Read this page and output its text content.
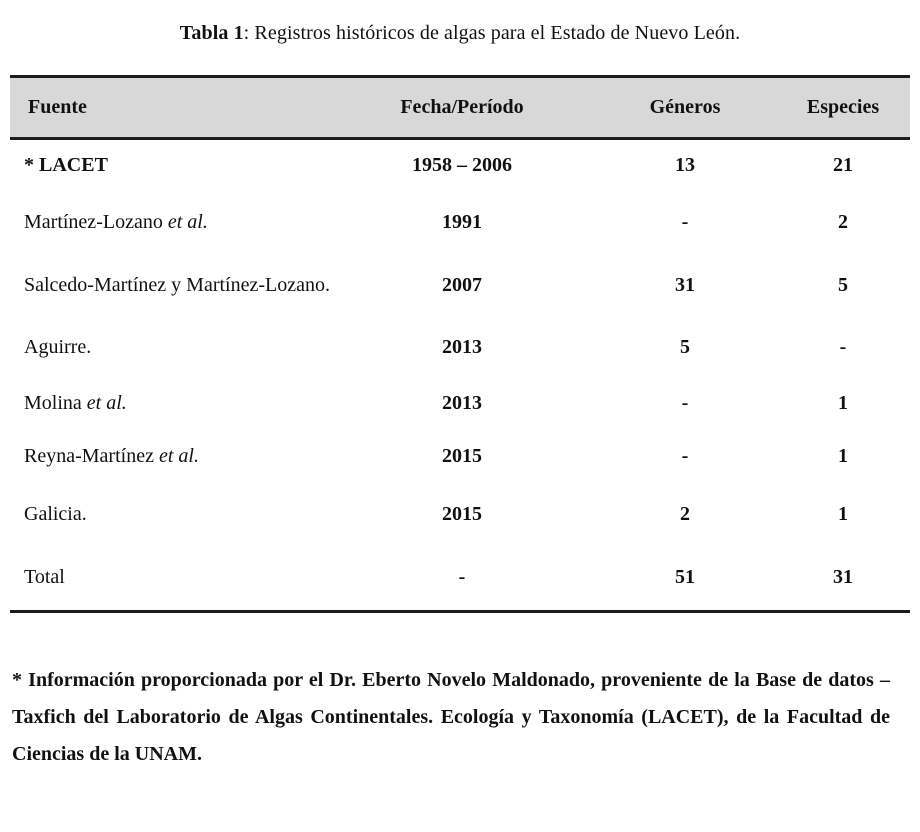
Tabla 1: Registros históricos de algas para el Estado de Nuevo León.
Fuente	Fecha/Período	Géneros	Especies
* LACET	1958 – 2006	13	21
Martínez-Lozano et al.	1991	-	2
Salcedo-Martínez y Martínez-Lozano.	2007	31	5
Aguirre.	2013	5	-
Molina et al.	2013	-	1
Reyna-Martínez et al.	2015	-	1
Galicia.	2015	2	1
Total	-	51	31
* Información proporcionada por el Dr. Eberto Novelo Maldonado, proveniente de la Base de datos – Taxfich del Laboratorio de Algas Continentales. Ecología y Taxonomía (LACET), de la Facultad de Ciencias de la UNAM.
